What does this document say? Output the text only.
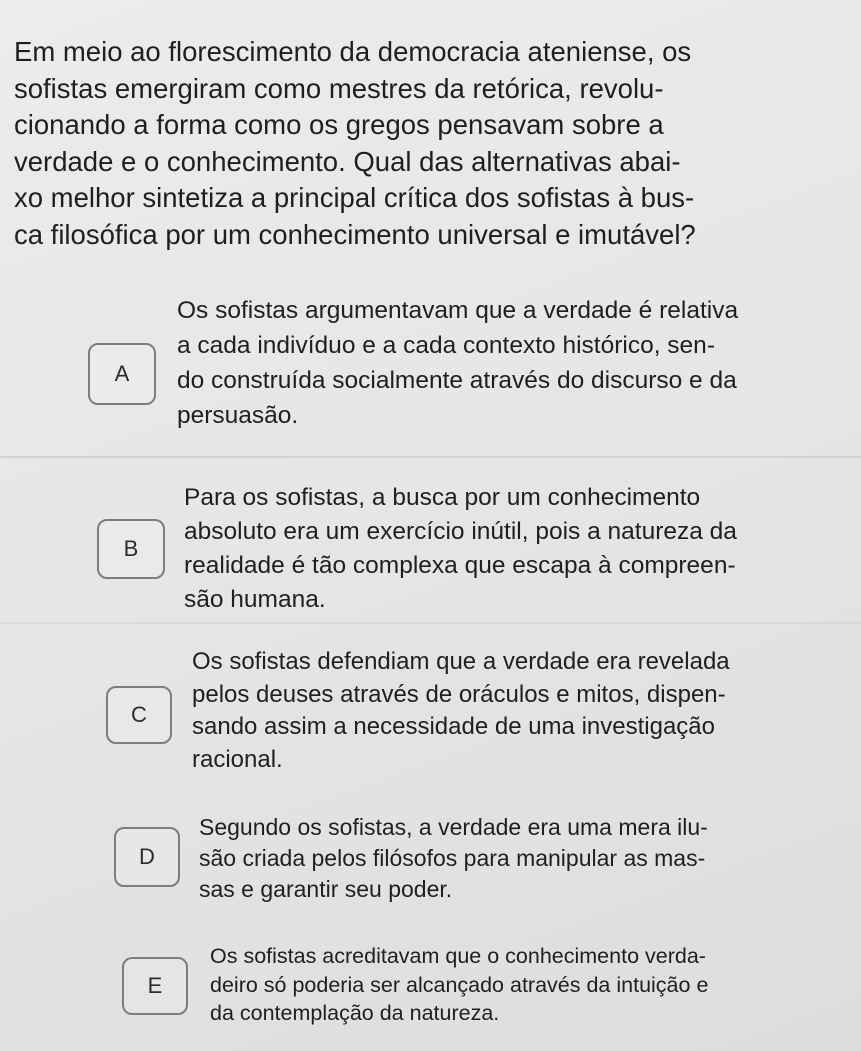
Em meio ao florescimento da democracia ateniense, os
sofistas emergiram como mestres da retórica, revolu-
cionando a forma como os gregos pensavam sobre a
verdade e o conhecimento. Qual das alternativas abai-
xo melhor sintetiza a principal crítica dos sofistas à bus-
ca filosófica por um conhecimento universal e imutável?
A
Os sofistas argumentavam que a verdade é relativa
a cada indivíduo e a cada contexto histórico, sen-
do construída socialmente através do discurso e da
persuasão.
B
Para os sofistas, a busca por um conhecimento
absoluto era um exercício inútil, pois a natureza da
realidade é tão complexa que escapa à compreen-
são humana.
C
Os sofistas defendiam que a verdade era revelada
pelos deuses através de oráculos e mitos, dispen-
sando assim a necessidade de uma investigação
racional.
D
Segundo os sofistas, a verdade era uma mera ilu-
são criada pelos filósofos para manipular as mas-
sas e garantir seu poder.
E
Os sofistas acreditavam que o conhecimento verda-
deiro só poderia ser alcançado através da intuição e
da contemplação da natureza.
